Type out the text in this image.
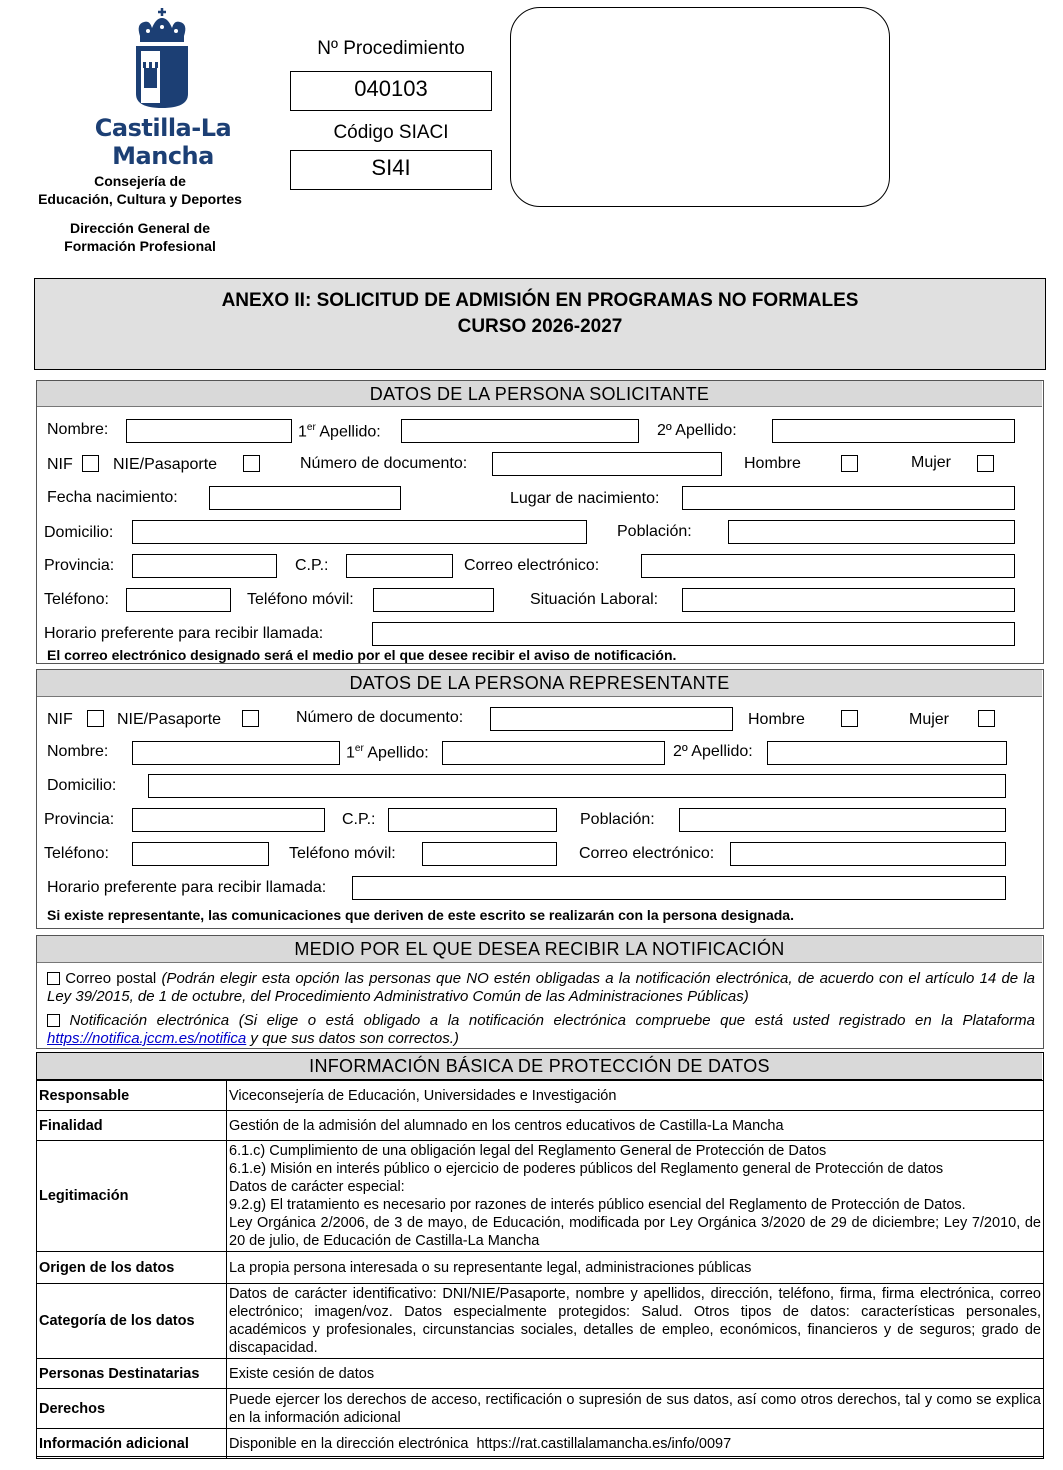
Castilla-La Mancha
Consejería de
Educación, Cultura y Deportes
Dirección General de
Formación Profesional
Nº Procedimiento
040103
Código SIACI
SI4I
ANEXO II: SOLICITUD DE ADMISIÓN EN PROGRAMAS NO FORMALES
CURSO 2026-2027
DATOS DE LA PERSONA SOLICITANTE
Nombre:	1er Apellido:	2º Apellido:
NIF	NIE/Pasaporte	Número de documento:	Hombre	Mujer
Fecha nacimiento:	Lugar de nacimiento:
Domicilio:	Población:
Provincia:	C.P.:	Correo electrónico:
Teléfono:	Teléfono móvil:	Situación Laboral:
Horario preferente para recibir llamada:
El correo electrónico designado será el medio por el que desee recibir el aviso de notificación.
DATOS DE LA PERSONA REPRESENTANTE
NIF	NIE/Pasaporte	Número de documento:	Hombre	Mujer
Nombre:	1er Apellido:	2º Apellido:
Domicilio:
Provincia:	C.P.:	Población:
Teléfono:	Teléfono móvil:	Correo electrónico:
Horario preferente para recibir llamada:
Si existe representante, las comunicaciones que deriven de este escrito se realizarán con la persona designada.
MEDIO POR EL QUE DESEA RECIBIR LA NOTIFICACIÓN
Correo postal (Podrán elegir esta opción las personas que NO estén obligadas a la notificación electrónica, de acuerdo con el artículo 14 de la Ley 39/2015, de 1 de octubre, del Procedimiento Administrativo Común de las Administraciones Públicas)
Notificación electrónica (Si elige o está obligado a la notificación electrónica compruebe que está usted registrado en la Plataforma https://notifica.jccm.es/notifica y que sus datos son correctos.)
INFORMACIÓN BÁSICA DE PROTECCIÓN DE DATOS
Responsable	Viceconsejería de Educación, Universidades e Investigación
Finalidad	Gestión de la admisión del alumnado en los centros educativos de Castilla-La Mancha
Legitimación	6.1.c) Cumplimiento de una obligación legal del Reglamento General de Protección de Datos
6.1.e) Misión en interés público o ejercicio de poderes públicos del Reglamento general de Protección de datos
Datos de carácter especial:
9.2.g) El tratamiento es necesario por razones de interés público esencial del Reglamento de Protección de Datos.
Ley Orgánica 2/2006, de 3 de mayo, de Educación, modificada por Ley Orgánica 3/2020 de 29 de diciembre; Ley 7/2010, de 20 de julio, de Educación de Castilla-La Mancha

Origen de los datos	La propia persona interesada o su representante legal, administraciones públicas
Categoría de los datos	Datos de carácter identificativo: DNI/NIE/Pasaporte, nombre y apellidos, dirección, teléfono, firma, firma electrónica, correo electrónico; imagen/voz. Datos especialmente protegidos: Salud. Otros tipos de datos: características personales, académicos y profesionales, circunstancias sociales, detalles de empleo, económicos, financieros y de seguros; grado de discapacidad.
Personas Destinatarias	Existe cesión de datos
Derechos	Puede ejercer los derechos de acceso, rectificación o supresión de sus datos, así como otros derechos, tal y como se explica en la información adicional
Información adicional	Disponible en la dirección electrónica  https://rat.castillalamancha.es/info/0097
